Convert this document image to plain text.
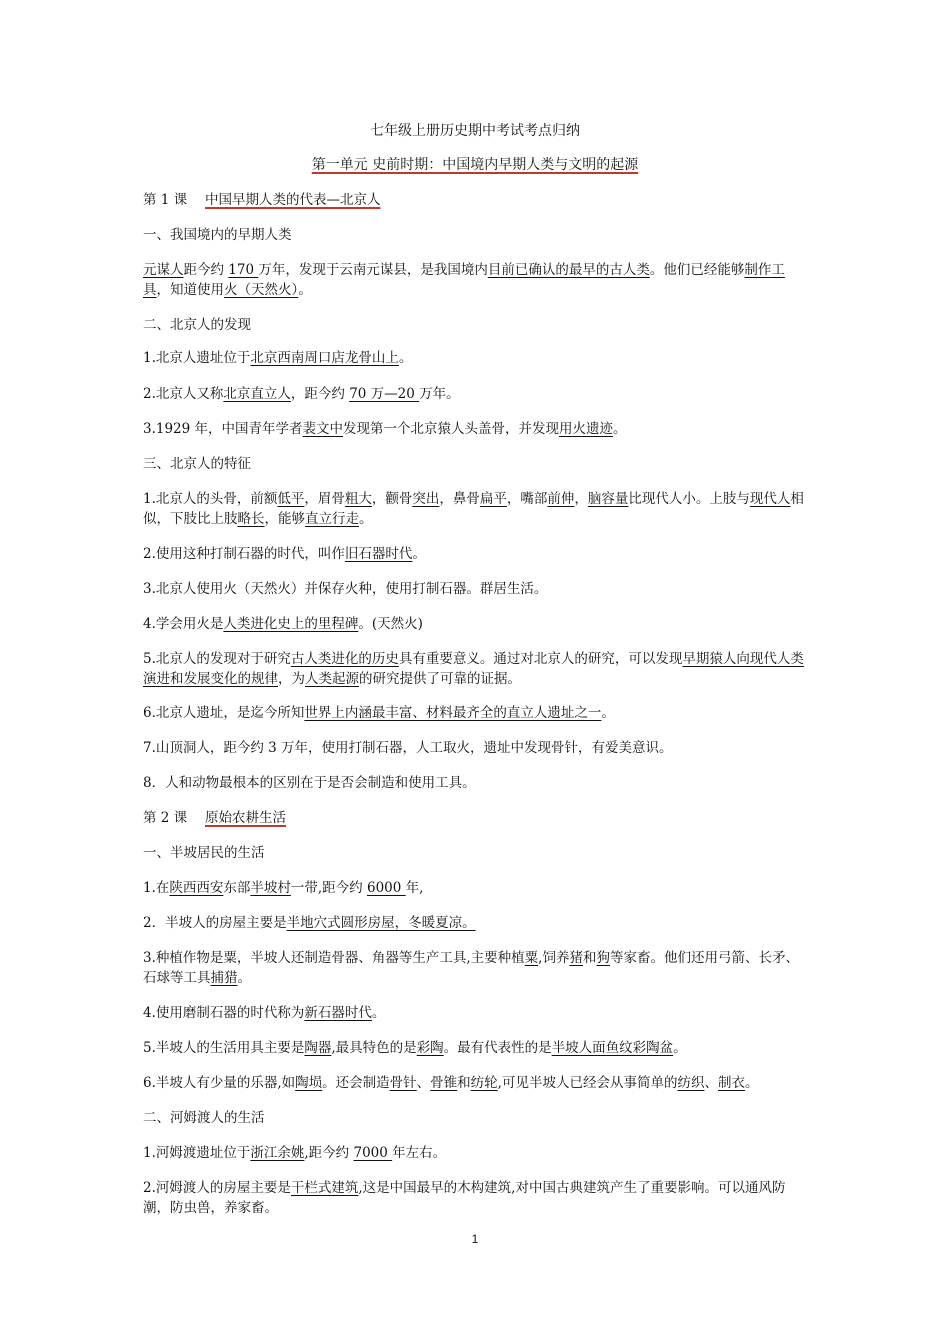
七年级上册历史期中考试考点归纳
第一单元 史前时期：中国境内早期人类与文明的起源
第 1 课 中国早期人类的代表—北京人
一、我国境内的早期人类
元谋人距今约 170 万年，发现于云南元谋县，是我国境内目前已确认的最早的古人类。他们已经能够制作工具，知道使用火（天然火）。
二、北京人的发现
1.北京人遗址位于北京西南周口店龙骨山上。
2.北京人又称北京直立人，距今约 70 万—20 万年。
3.1929 年，中国青年学者裴文中发现第一个北京猿人头盖骨，并发现用火遗迹。
三、北京人的特征
1.北京人的头骨，前额低平，眉骨粗大，颧骨突出，鼻骨扁平，嘴部前伸，脑容量比现代人小。上肢与现代人相似，下肢比上肢略长，能够直立行走。
2.使用这种打制石器的时代，叫作旧石器时代。
3.北京人使用火（天然火）并保存火种，使用打制石器。群居生活。
4.学会用火是人类进化史上的里程碑。(天然火)
5.北京人的发现对于研究古人类进化的历史具有重要意义。通过对北京人的研究，可以发现早期猿人向现代人类演进和发展变化的规律，为人类起源的研究提供了可靠的证据。
6.北京人遗址，是迄今所知世界上内涵最丰富、材料最齐全的直立人遗址之一。
7.山顶洞人，距今约 3 万年，使用打制石器，人工取火，遗址中发现骨针，有爱美意识。
8．人和动物最根本的区别在于是否会制造和使用工具。
第 2 课 原始农耕生活
一、半坡居民的生活
1.在陕西西安东部半坡村一带,距今约 6000 年,
2．半坡人的房屋主要是半地穴式圆形房屋，冬暖夏凉。
3.种植作物是粟，半坡人还制造骨器、角器等生产工具,主要种植粟,饲养猪和狗等家畜。他们还用弓箭、长矛、石球等工具捕猎。
4.使用磨制石器的时代称为新石器时代。
5.半坡人的生活用具主要是陶器,最具特色的是彩陶。最有代表性的是半坡人面鱼纹彩陶盆。
6.半坡人有少量的乐器,如陶埙。还会制造骨针、骨锥和纺轮,可见半坡人已经会从事简单的纺织、制衣。
二、河姆渡人的生活
1.河姆渡遗址位于浙江余姚,距今约 7000 年左右。
2.河姆渡人的房屋主要是干栏式建筑,这是中国最早的木构建筑,对中国古典建筑产生了重要影响。可以通风防潮，防虫兽，养家畜。
1
